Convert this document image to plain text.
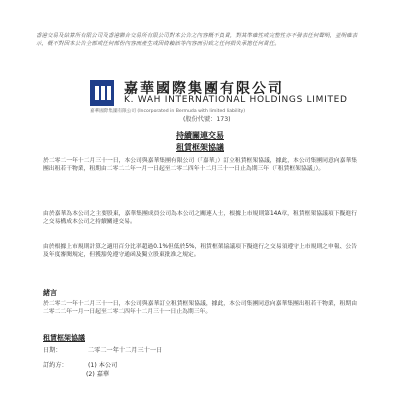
香港交易及結算所有限公司及香港聯合交易所有限公司對本公告之內容概不負責，對其準確性或完整性亦不發表任何聲明，並明確表示，概不對因本公告全部或任何部份內容而產生或因倚賴該等內容而引致之任何損失承擔任何責任。
嘉華國際集團有限公司
K. WAH INTERNATIONAL HOLDINGS LIMITED
嘉華國際集團有限公司 (Incorporated in Bermuda with limited liability)
(股份代號：173)
持續關連交易
租賃框架協議
於二零二一年十二月三十一日，本公司與嘉華集團有限公司（「嘉華」）訂立租賃框架協議，據此，本公司集團同意向嘉華集團出租若干物業，租期由二零二二年一月一日起至二零二四年十二月三十一日止為期三年（「租賃框架協議」）。
由於嘉華為本公司之主要股東，嘉華集團成員公司為本公司之關連人士，根據上市規則第14A章，租賃框架協議項下擬進行之交易構成本公司之持續關連交易。
由於根據上市規則計算之適用百分比率超過0.1%但低於5%，租賃框架協議項下擬進行之交易須遵守上市規則之申報、公告及年度審閱規定，但獲豁免遵守通函及獨立股東批准之規定。
緒言
於二零二一年十二月三十一日，本公司與嘉華訂立租賃框架協議，據此，本公司集團同意向嘉華集團出租若干物業，租期由二零二二年一月一日起至二零二四年十二月三十一日止為期三年。
租賃框架協議
日期：	二零二一年十二月三十一日
訂約方：	(1) 本公司
(2) 嘉華
